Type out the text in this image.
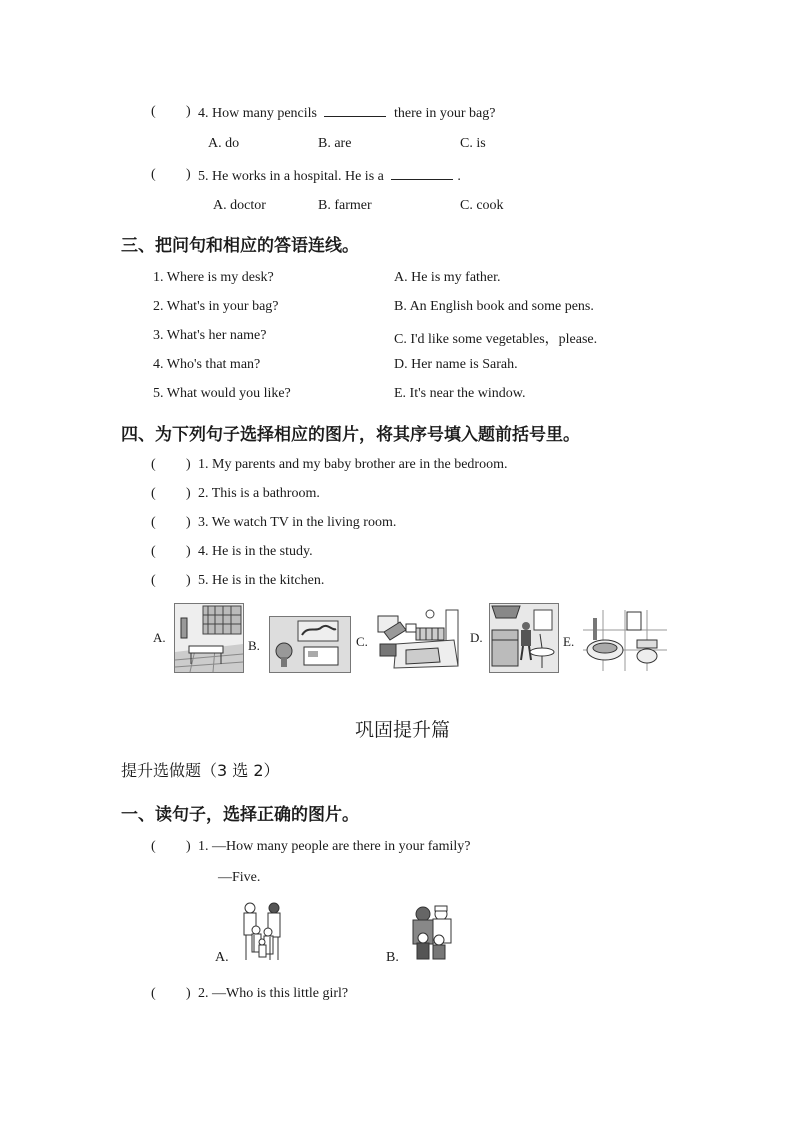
( ) 4. How many pencils	there in your bag?
A. do	B. are	C. is
( ) 5. He works in a hospital. He is a	.
A. doctor	B. farmer	C. cook
三、把问句和相应的答语连线。
1. Where is my desk?
2. What's in your bag?
3. What's her name?
4. Who's that man?
5. What would you like?
A. He is my father.
B. An English book and some pens.
C. I'd like some vegetables，please.
D. Her name is Sarah.
E. It's near the window.
四、为下列句子选择相应的图片，将其序号填入题前括号里。
( ) 1. My parents and my baby brother are in the bedroom.
( ) 2. This is a bathroom.
( ) 3. We watch TV in the living room.
( ) 4. He is in the study.
( ) 5. He is in the kitchen.
A.
B.	C.	D.	E.
巩固提升篇
提升选做题（3 选 2）
一、读句子，选择正确的图片。
( ) 1. —How many people are there in your family?
—Five.
A.	B.
( ) 2. —Who is this little girl?
